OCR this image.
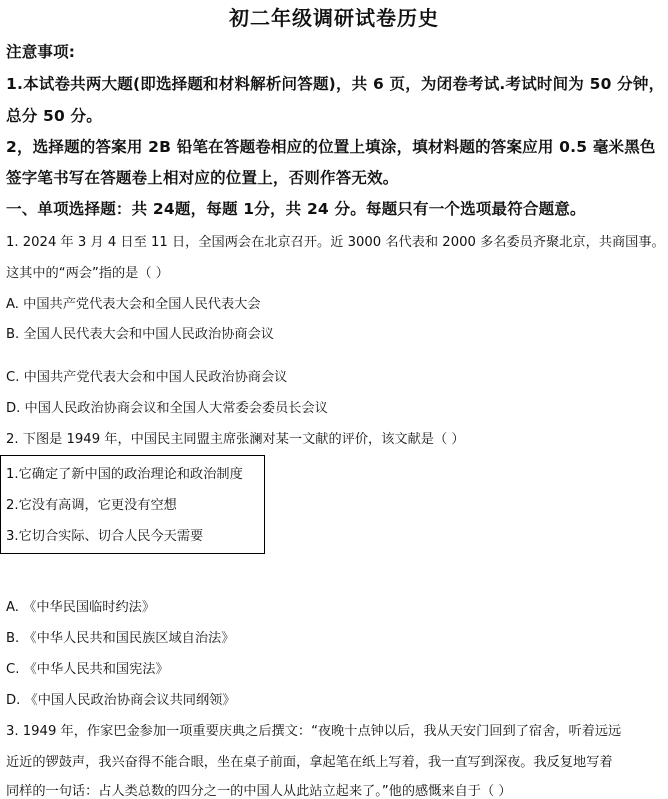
初二年级调研试卷历史
注意事项:
1.本试卷共两大题(即选择题和材料解析问答题)，共 6 页，为闭卷考试.考试时间为 50 分钟，
总分 50 分。
2，选择题的答案用 2B 铅笔在答题卷相应的位置上填涂，填材料题的答案应用 0.5 毫米黑色
签字笔书写在答题卷上相对应的位置上，否则作答无效。
一、单项选择题：共 24题，每题 1分，共 24 分。每题只有一个选项最符合题意。
1. 2024 年 3 月 4 日至 11 日，全国两会在北京召开。近 3000 名代表和 2000 多名委员齐聚北京，共商国事。
这其中的“两会”指的是（ ）
A. 中国共产党代表大会和全国人民代表大会
B. 全国人民代表大会和中国人民政治协商会议
C. 中国共产党代表大会和中国人民政治协商会议
D. 中国人民政治协商会议和全国人大常委会委员长会议
2. 下图是 1949 年，中国民主同盟主席张澜对某一文献的评价，该文献是（ ）
1.它确定了新中国的政治理论和政治制度
2.它没有高调，它更没有空想
3.它切合实际、切合人民今天需要
A. 《中华民国临时约法》
B. 《中华人民共和国民族区域自治法》
C. 《中华人民共和国宪法》
D. 《中国人民政治协商会议共同纲领》
3. 1949 年，作家巴金参加一项重要庆典之后撰文：“夜晚十点钟以后，我从天安门回到了宿舍，听着远远
近近的锣鼓声，我兴奋得不能合眼，坐在桌子前面，拿起笔在纸上写着，我一直写到深夜。我反复地写着
同样的一句话：占人类总数的四分之一的中国人从此站立起来了。”他的感慨来自于（ ）
